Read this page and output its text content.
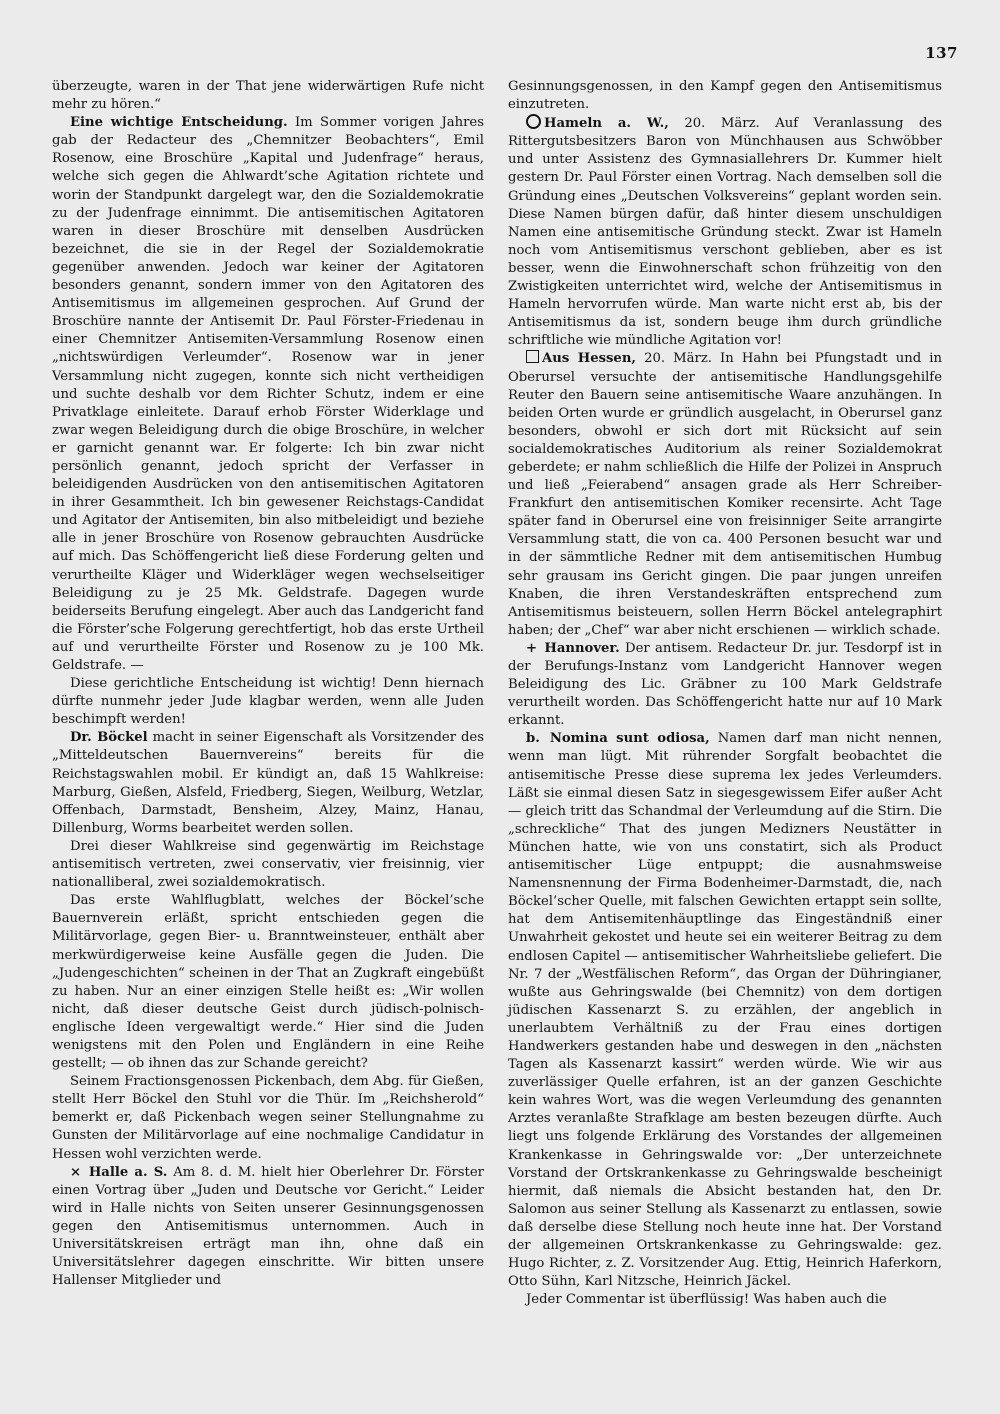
137

überzeugte, waren in der That jene widerwärtigen Rufe nicht mehr zu hören.“

Eine wichtige Entscheidung. Im Sommer vorigen Jahres gab der Redacteur des „Chemnitzer Beobachters“, Emil Rosenow, eine Broschüre „Kapital und Judenfrage“ heraus, welche sich gegen die Ahlwardt’sche Agitation richtete und worin der Standpunkt dargelegt war, den die Sozialdemokratie zu der Judenfrage einnimmt. Die antisemitischen Agitatoren waren in dieser Broschüre mit denselben Ausdrücken bezeichnet, die sie in der Regel der Sozialdemokratie gegenüber anwenden. Jedoch war keiner der Agitatoren besonders genannt, sondern immer von den Agitatoren des Antisemitismus im allgemeinen gesprochen. Auf Grund der Broschüre nannte der Antisemit Dr. Paul Förster-Friedenau in einer Chemnitzer Antisemiten-Versammlung Rosenow einen „nichtswürdigen Verleumder“. Rosenow war in jener Versammlung nicht zugegen, konnte sich nicht vertheidigen und suchte deshalb vor dem Richter Schutz, indem er eine Privatklage einleitete. Darauf erhob Förster Widerklage und zwar wegen Beleidigung durch die obige Broschüre, in welcher er garnicht genannt war. Er folgerte: Ich bin zwar nicht persönlich genannt, jedoch spricht der Verfasser in beleidigenden Ausdrücken von den antisemitischen Agitatoren in ihrer Gesammtheit. Ich bin gewesener Reichstags-Candidat und Agitator der Antisemiten, bin also mitbeleidigt und beziehe alle in jener Broschüre von Rosenow gebrauchten Ausdrücke auf mich. Das Schöffengericht ließ diese Forderung gelten und verurtheilte Kläger und Widerkläger wegen wechselseitiger Beleidigung zu je 25 Mk. Geldstrafe. Dagegen wurde beiderseits Berufung eingelegt. Aber auch das Landgericht fand die Förster’sche Folgerung gerechtfertigt, hob das erste Urtheil auf und verurtheilte Förster und Rosenow zu je 100 Mk. Geldstrafe. —

Diese gerichtliche Entscheidung ist wichtig! Denn hiernach dürfte nunmehr jeder Jude klagbar werden, wenn alle Juden beschimpft werden!

Dr. Böckel macht in seiner Eigenschaft als Vorsitzender des „Mitteldeutschen Bauernvereins“ bereits für die Reichstagswahlen mobil. Er kündigt an, daß 15 Wahlkreise: Marburg, Gießen, Alsfeld, Friedberg, Siegen, Weilburg, Wetzlar, Offenbach, Darmstadt, Bensheim, Alzey, Mainz, Hanau, Dillenburg, Worms bearbeitet werden sollen.

Drei dieser Wahlkreise sind gegenwärtig im Reichstage antisemitisch vertreten, zwei conservativ, vier freisinnig, vier nationalliberal, zwei sozialdemokratisch.

Das erste Wahlflugblatt, welches der Böckel’sche Bauernverein erläßt, spricht entschieden gegen die Militärvorlage, gegen Bier- u. Branntweinsteuer, enthält aber merkwürdigerweise keine Ausfälle gegen die Juden. Die „Judengeschichten“ scheinen in der That an Zugkraft eingebüßt zu haben. Nur an einer einzigen Stelle heißt es: „Wir wollen nicht, daß dieser deutsche Geist durch jüdisch-polnisch-englische Ideen vergewaltigt werde.“ Hier sind die Juden wenigstens mit den Polen und Engländern in eine Reihe gestellt; — ob ihnen das zur Schande gereicht?

Seinem Fractionsgenossen Pickenbach, dem Abg. für Gießen, stellt Herr Böckel den Stuhl vor die Thür. Im „Reichsherold“ bemerkt er, daß Pickenbach wegen seiner Stellungnahme zu Gunsten der Militärvorlage auf eine nochmalige Candidatur in Hessen wohl verzichten werde.

× Halle a. S. Am 8. d. M. hielt hier Oberlehrer Dr. Förster einen Vortrag über „Juden und Deutsche vor Gericht.“ Leider wird in Halle nichts von Seiten unserer Gesinnungsgenossen gegen den Antisemitismus unternommen. Auch in Universitätskreisen erträgt man ihn, ohne daß ein Universitätslehrer dagegen einschritte. Wir bitten unsere Hallenser Mitglieder und

Gesinnungsgenossen, in den Kampf gegen den Antisemitismus einzutreten.

Hameln a. W., 20. März. Auf Veranlassung des Rittergutsbesitzers Baron von Münchhausen aus Schwöbber und unter Assistenz des Gymnasiallehrers Dr. Kummer hielt gestern Dr. Paul Förster einen Vortrag. Nach demselben soll die Gründung eines „Deutschen Volksvereins“ geplant worden sein. Diese Namen bürgen dafür, daß hinter diesem unschuldigen Namen eine antisemitische Gründung steckt. Zwar ist Hameln noch vom Antisemitismus verschont geblieben, aber es ist besser, wenn die Einwohnerschaft schon frühzeitig von den Zwistigkeiten unterrichtet wird, welche der Antisemitismus in Hameln hervorrufen würde. Man warte nicht erst ab, bis der Antisemitismus da ist, sondern beuge ihm durch gründliche schriftliche wie mündliche Agitation vor!

Aus Hessen, 20. März. In Hahn bei Pfungstadt und in Oberursel versuchte der antisemitische Handlungsgehilfe Reuter den Bauern seine antisemitische Waare anzuhängen. In beiden Orten wurde er gründlich ausgelacht, in Oberursel ganz besonders, obwohl er sich dort mit Rücksicht auf sein socialdemokratisches Auditorium als reiner Sozialdemokrat geberdete; er nahm schließlich die Hilfe der Polizei in Anspruch und ließ „Feierabend“ ansagen grade als Herr Schreiber-Frankfurt den antisemitischen Komiker recensirte. Acht Tage später fand in Oberursel eine von freisinniger Seite arrangirte Versammlung statt, die von ca. 400 Personen besucht war und in der sämmtliche Redner mit dem antisemitischen Humbug sehr grausam ins Gericht gingen. Die paar jungen unreifen Knaben, die ihren Verstandeskräften entsprechend zum Antisemitismus beisteuern, sollen Herrn Böckel antelegraphirt haben; der „Chef“ war aber nicht erschienen — wirklich schade.

+ Hannover. Der antisem. Redacteur Dr. jur. Tesdorpf ist in der Berufungs-Instanz vom Landgericht Hannover wegen Beleidigung des Lic. Gräbner zu 100 Mark Geldstrafe verurtheilt worden. Das Schöffengericht hatte nur auf 10 Mark erkannt.

b. Nomina sunt odiosa, Namen darf man nicht nennen, wenn man lügt. Mit rührender Sorgfalt beobachtet die antisemitische Presse diese suprema lex jedes Verleumders. Läßt sie einmal diesen Satz in siegesgewissem Eifer außer Acht — gleich tritt das Schandmal der Verleumdung auf die Stirn. Die „schreckliche“ That des jungen Medizners Neustätter in München hatte, wie von uns constatirt, sich als Product antisemitischer Lüge entpuppt; die ausnahmsweise Namensnennung der Firma Bodenheimer-Darmstadt, die, nach Böckel’scher Quelle, mit falschen Gewichten ertappt sein sollte, hat dem Antisemitenhäuptlinge das Eingeständniß einer Unwahrheit gekostet und heute sei ein weiterer Beitrag zu dem endlosen Capitel — antisemitischer Wahrheitsliebe geliefert. Die Nr. 7 der „Westfälischen Reform“, das Organ der Dühringianer, wußte aus Gehringswalde (bei Chemnitz) von dem dortigen jüdischen Kassenarzt S. zu erzählen, der angeblich in unerlaubtem Verhältniß zu der Frau eines dortigen Handwerkers gestanden habe und deswegen in den „nächsten Tagen als Kassenarzt kassirt“ werden würde. Wie wir aus zuverlässiger Quelle erfahren, ist an der ganzen Geschichte kein wahres Wort, was die wegen Verleumdung des genannten Arztes veranlaßte Strafklage am besten bezeugen dürfte. Auch liegt uns folgende Erklärung des Vorstandes der allgemeinen Krankenkasse in Gehringswalde vor: „Der unterzeichnete Vorstand der Ortskrankenkasse zu Gehringswalde bescheinigt hiermit, daß niemals die Absicht bestanden hat, den Dr. Salomon aus seiner Stellung als Kassenarzt zu entlassen, sowie daß derselbe diese Stellung noch heute inne hat. Der Vorstand der allgemeinen Ortskrankenkasse zu Gehringswalde: gez. Hugo Richter, z. Z. Vorsitzender Aug. Ettig, Heinrich Haferkorn, Otto Sühn, Karl Nitzsche, Heinrich Jäckel.

Jeder Commentar ist überflüssig! Was haben auch die
